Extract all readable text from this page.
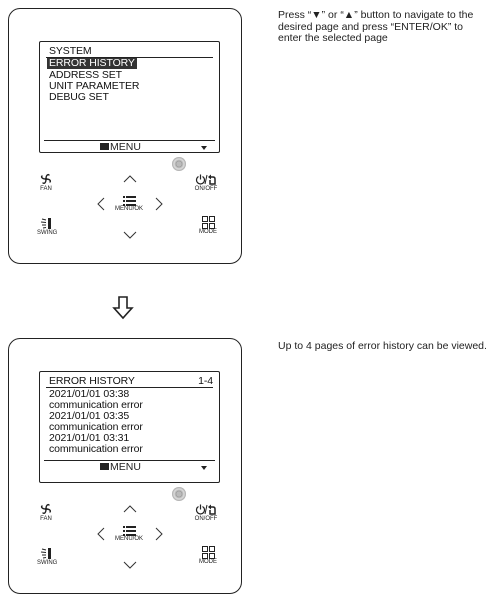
SYSTEM
ERROR HISTORY
ADDRESS SET
UNIT PARAMETER
DEBUG SET
MENU
FAN	ON/OFF
MENU/OK
SWING	MODE
ERROR HISTORY	1-4
2021/01/01 03:38
communication error
2021/01/01 03:35
communication error
2021/01/01 03:31
communication error
MENU
FAN	ON/OFF
MENU/OK
SWING	MODE
Press “▼” or “▲” button to navigate to the desired page and press “ENTER/OK” to enter the selected page
Up to 4 pages of error history can be viewed.
